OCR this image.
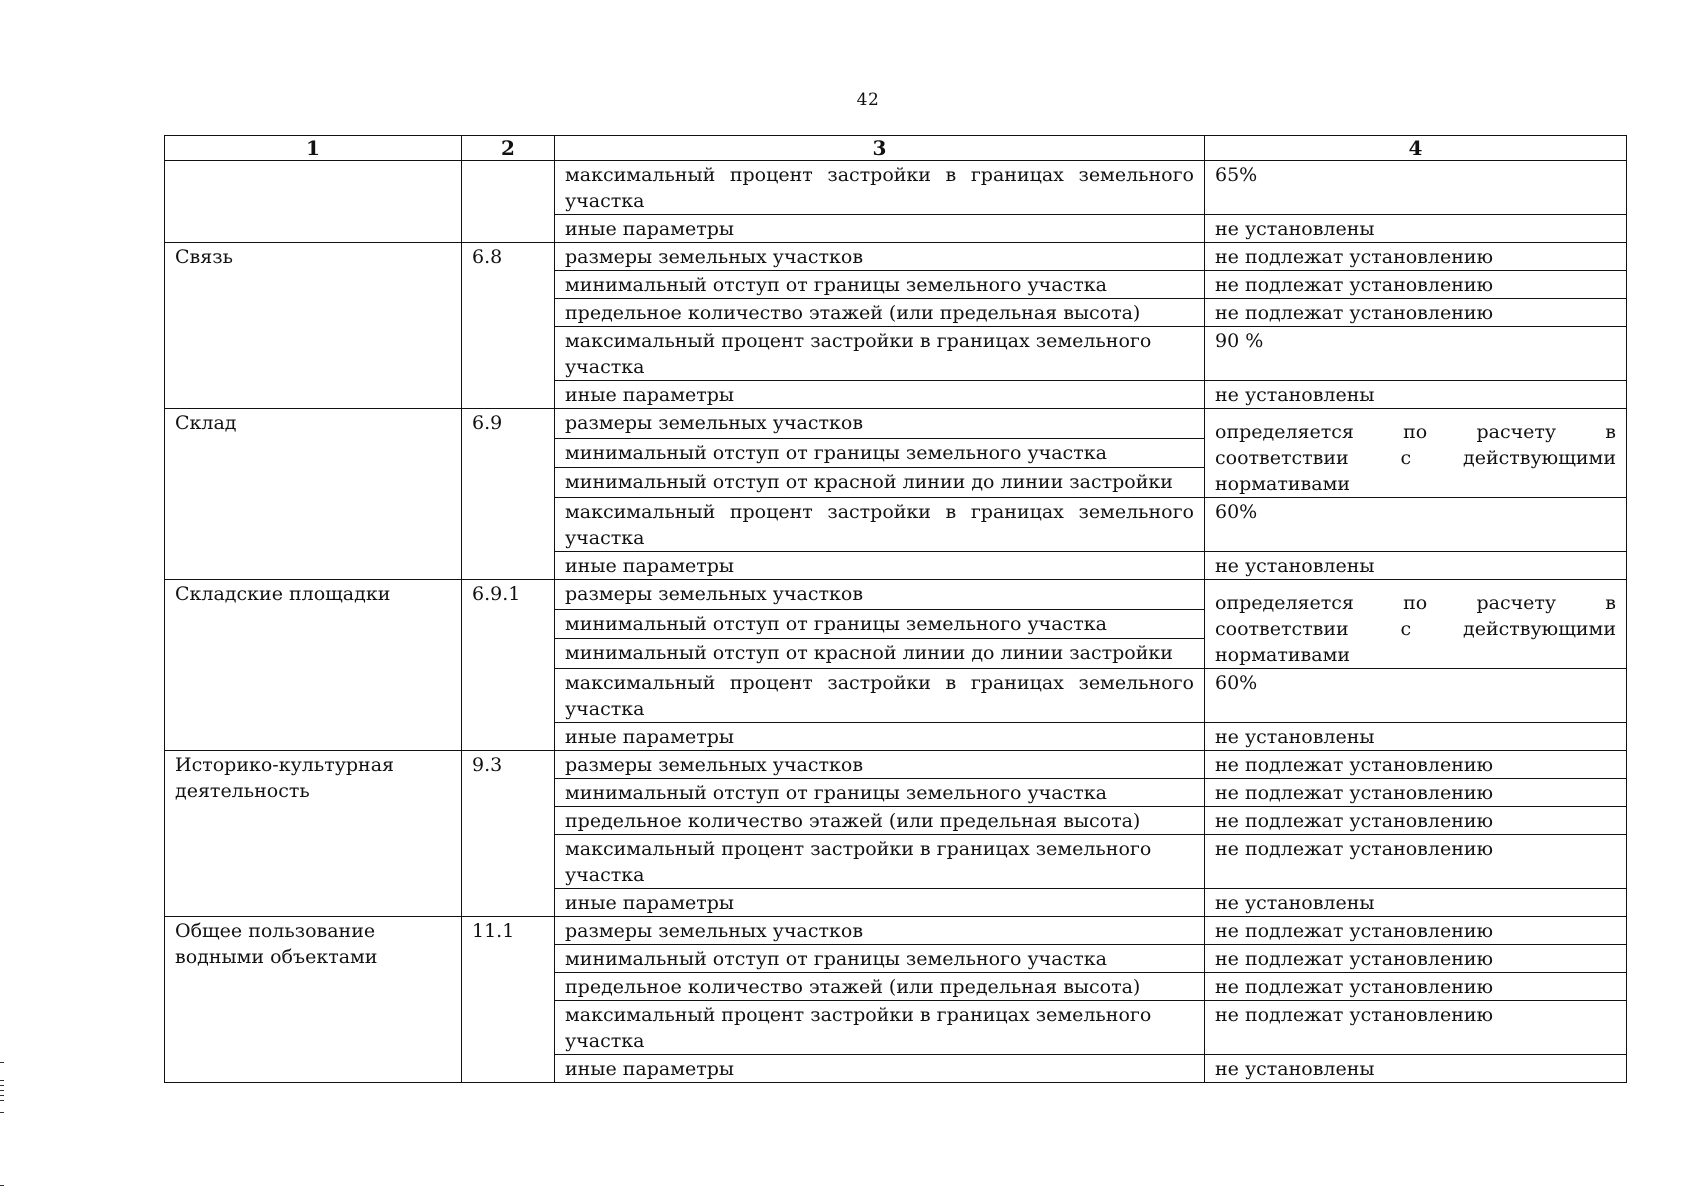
42
1	2	3	4
		максимальный процент застройки в границах земельного участка	65%
		иные параметры	не установлены
Связь	6.8	размеры земельных участков	не подлежат установлению
		минимальный отступ от границы земельного участка	не подлежат установлению
		предельное количество этажей (или предельная высота)	не подлежат установлению
		максимальный процент застройки в границах земельного участка	90 %
		иные параметры	не установлены
Склад	6.9	размеры земельных участков	определяется по расчету в соответствии с действующими нормативами
		минимальный отступ от границы земельного участка	
		минимальный отступ от красной линии до линии застройки	
		максимальный процент застройки в границах земельного участка	60%
		иные параметры	не установлены
Складские площадки	6.9.1	размеры земельных участков	определяется по расчету в соответствии с действующими нормативами
		минимальный отступ от границы земельного участка	
		минимальный отступ от красной линии до линии застройки	
		максимальный процент застройки в границах земельного участка	60%
		иные параметры	не установлены
Историко-культурная деятельность	9.3	размеры земельных участков	не подлежат установлению
		минимальный отступ от границы земельного участка	не подлежат установлению
		предельное количество этажей (или предельная высота)	не подлежат установлению
		максимальный процент застройки в границах земельного участка	не подлежат установлению
		иные параметры	не установлены
Общее пользование водными объектами	11.1	размеры земельных участков	не подлежат установлению
		минимальный отступ от границы земельного участка	не подлежат установлению
		предельное количество этажей (или предельная высота)	не подлежат установлению
		максимальный процент застройки в границах земельного участка	не подлежат установлению
		иные параметры	не установлены
